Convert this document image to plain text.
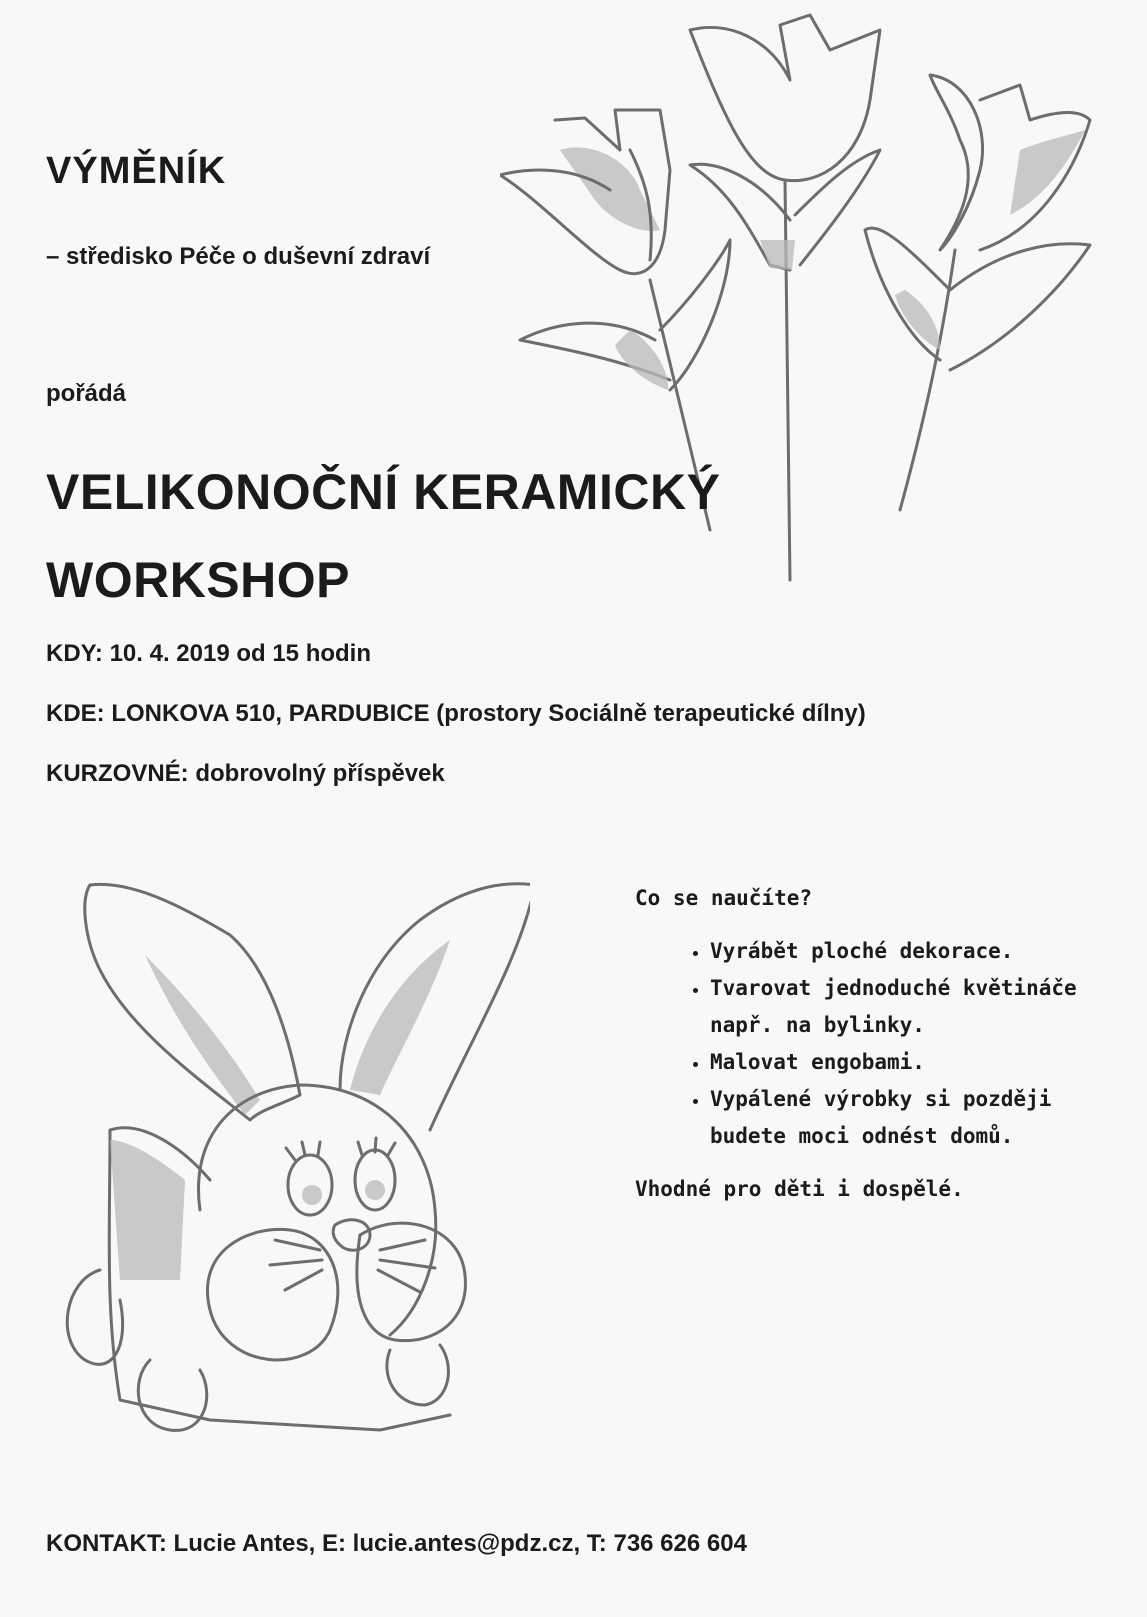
VÝMĚNÍK
– středisko Péče o duševní zdraví
pořádá
VELIKONOČNÍ KERAMICKÝ
WORKSHOP
KDY: 10. 4. 2019 od 15 hodin
KDE: LONKOVA 510, PARDUBICE (prostory Sociálně terapeutické dílny)
KURZOVNÉ: dobrovolný příspěvek
Co se naučíte?
• Vyrábět ploché dekorace.
• Tvarovat jednoduché květináče např. na bylinky.
• Malovat engobami.
• Vypálené výrobky si později budete moci odnést domů.
Vhodné pro děti i dospělé.
KONTAKT: Lucie Antes, E: lucie.antes@pdz.cz, T: 736 626 604
